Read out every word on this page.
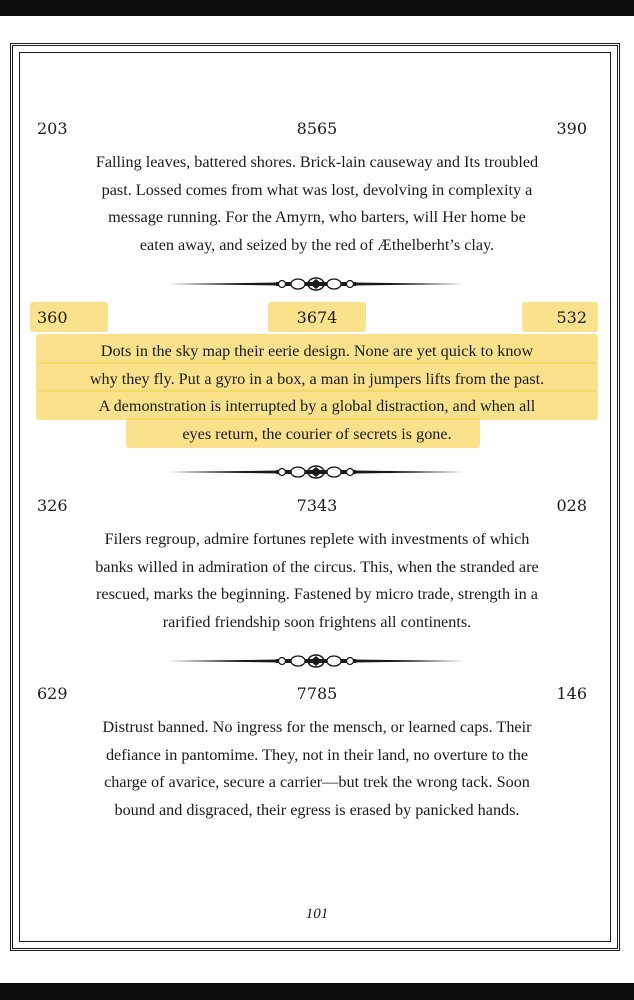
203	8565	390
Falling leaves, battered shores. Brick-lain causeway and Its troubled
past. Lossed comes from what was lost, devolving in complexity a
message running. For the Amyrn, who barters, will Her home be
eaten away, and seized by the red of Æthelberht’s clay.
360	3674	532
Dots in the sky map their eerie design. None are yet quick to know
why they fly. Put a gyro in a box, a man in jumpers lifts from the past.
A demonstration is interrupted by a global distraction, and when all
eyes return, the courier of secrets is gone.
326	7343	028
Filers regroup, admire fortunes replete with investments of which
banks willed in admiration of the circus. This, when the stranded are
rescued, marks the beginning. Fastened by micro trade, strength in a
rarified friendship soon frightens all continents.
629	7785	146
Distrust banned. No ingress for the mensch, or learned caps. Their
defiance in pantomime. They, not in their land, no overture to the
charge of avarice, secure a carrier—but trek the wrong tack. Soon
bound and disgraced, their egress is erased by panicked hands.
101
